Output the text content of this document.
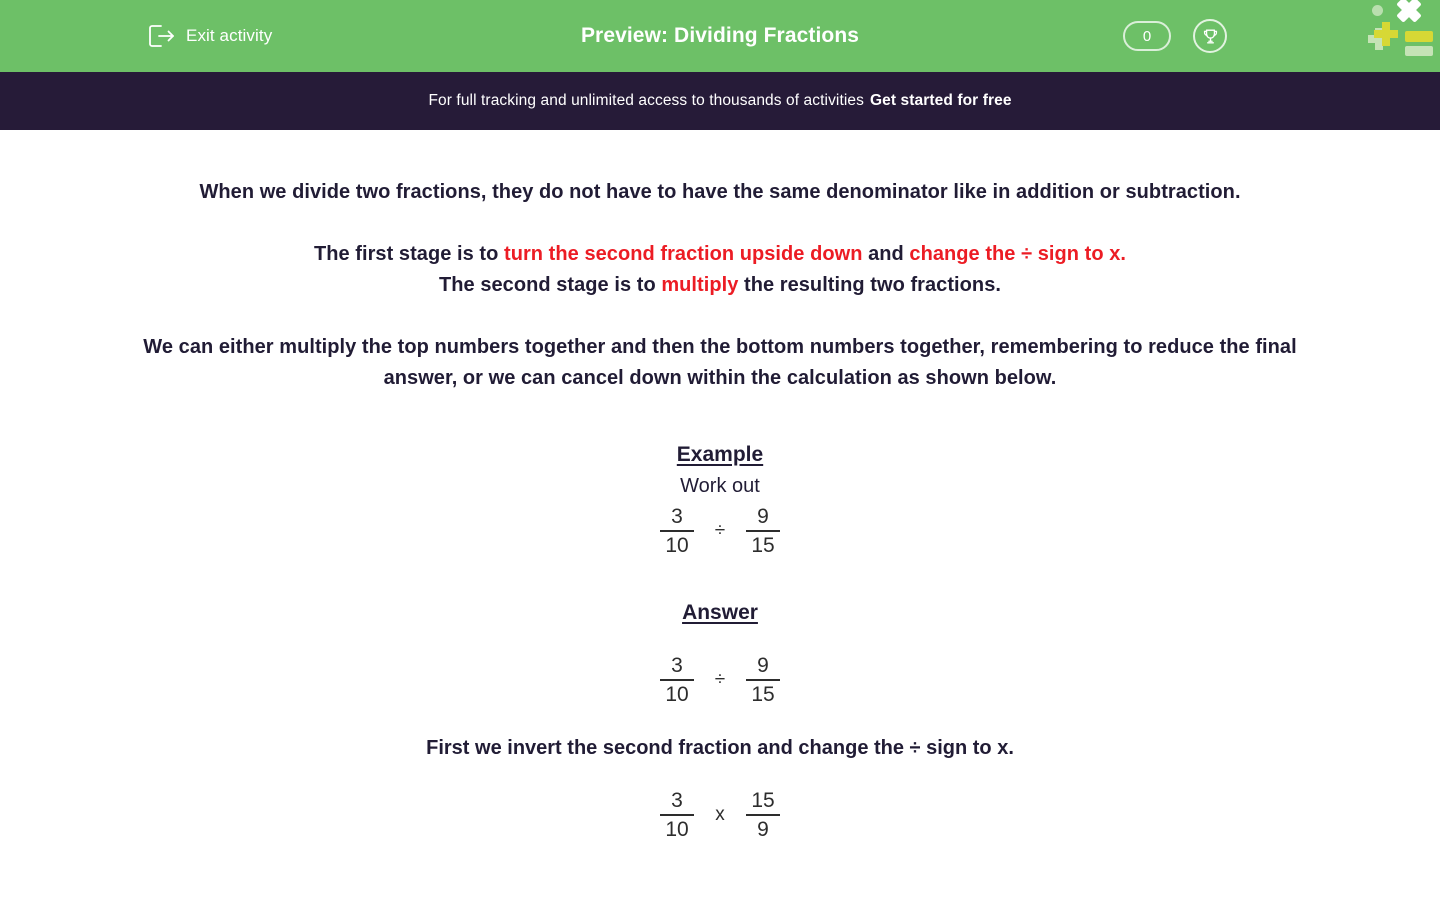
Exit activity	Preview: Dividing Fractions	0
For full tracking and unlimited access to thousands of activities Get started for free

When we divide two fractions, they do not have to have the same denominator like in addition or subtraction.

The first stage is to turn the second fraction upside down and change the ÷ sign to x.
The second stage is to multiply the resulting two fractions.

We can either multiply the top numbers together and then the bottom numbers together, remembering to reduce the final answer, or we can cancel down within the calculation as shown below.

Example
Work out
$\frac{3}{10} \div \frac{9}{15}$
Answer
$\frac{3}{10} \div \frac{9}{15}$

First we invert the second fraction and change the ÷ sign to x.

$\frac{3}{10}$ x $\frac{15}{9}$
